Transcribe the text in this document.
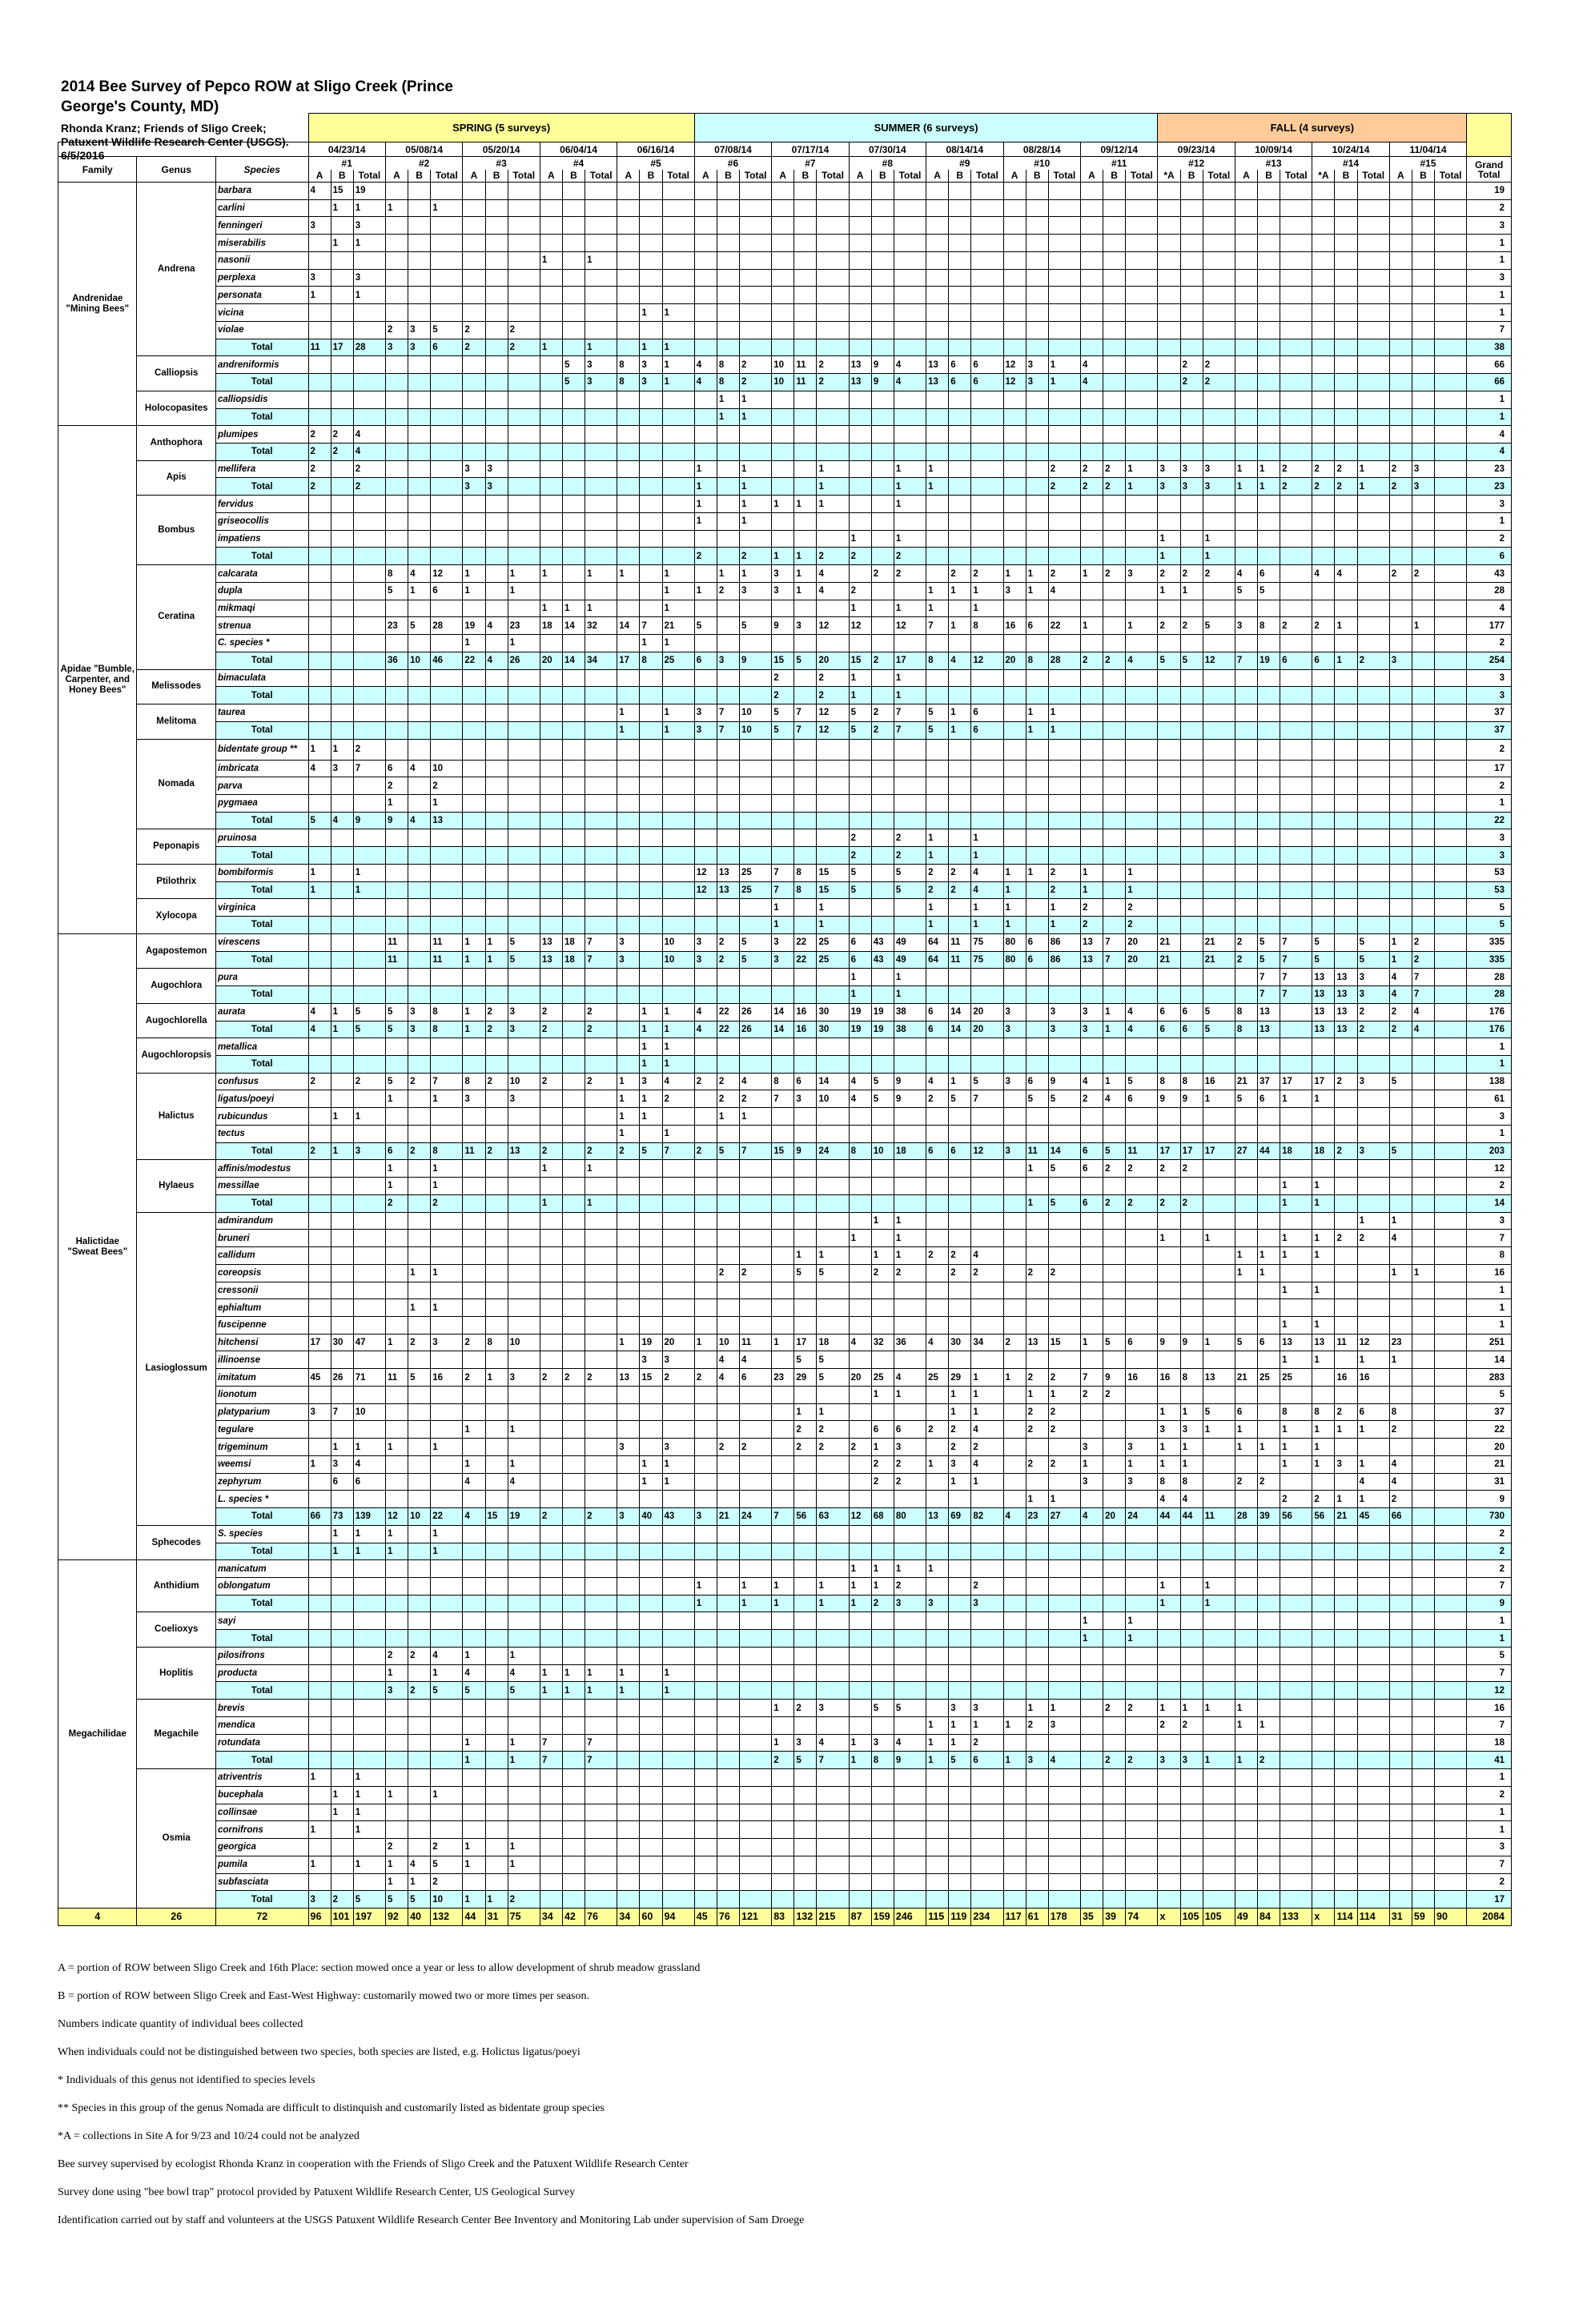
2014 Bee Survey of Pepco ROW at Sligo Creek (Prince George's County, MD)
Rhonda Kranz; Friends of Sligo Creek;
Patuxent Wildlife Research Center (USGS).
6/5/2016
			SPRING (5 surveys)															SUMMER (6 surveys)																		FALL (4 surveys)												
			04/23/14			05/08/14			05/20/14			06/04/14			06/16/14			07/08/14			07/17/14			07/30/14			08/14/14			08/28/14			09/12/14			09/23/14			10/09/14			10/24/14			11/04/14			
Family	Genus	Species	#1			#2			#3			#4			#5			#6			#7			#8			#9			#10			#11			#12			#13			#14			#15			Grand Total
			A	B	Total	A	B	Total	A	B	Total	A	B	Total	A	B	Total	A	B	Total	A	B	Total	A	B	Total	A	B	Total	A	B	Total	A	B	Total	*A	B	Total	A	B	Total	*A	B	Total	A	B	Total	
Andrenidae "Mining Bees"	Andrena	barbara	4	15	19																																											19
		carlini		1	1	1		1																																								2
		fenningeri	3		3																																											3
		miserabilis		1	1																																											1
		nasonii										1		1																																		1
		perplexa	3		3																																											3
		personata	1		1																																											1
		vicina														1	1																															1
		violae				2	3	5	2		2																																					7
		Total	11	17	28	3	3	6	2		2	1		1		1	1																															38
	Calliopsis	andreniformis											5	3	8	3	1	4	8	2	10	11	2	13	9	4	13	6	6	12	3	1	4				2	2										66
		Total											5	3	8	3	1	4	8	2	10	11	2	13	9	4	13	6	6	12	3	1	4				2	2										66
	Holocopasites	calliopsidis																	1	1																												1
		Total																	1	1																												1
Apidae "Bumble, Carpenter, and Honey Bees"	Anthophora	plumipes	2	2	4																																											4
		Total	2	2	4																																											4
	Apis	mellifera	2		2				3	3								1		1			1			1	1					2	2	2	1	3	3	3	1	1	2	2	2	1	2	3		23
		Total	2		2				3	3								1		1			1			1	1					2	2	2	1	3	3	3	1	1	2	2	2	1	2	3		23
	Bombus	fervidus																1		1	1	1	1			1																						3
		griseocollis																1		1																												1
		impatiens																						1		1										1		1										2
		Total																2		2	1	1	2	2		2										1		1										6
	Ceratina	calcarata				8	4	12	1		1	1		1	1		1		1	1	3	1	4		2	2		2	2	1	1	2	1	2	3	2	2	2	4	6		4	4		2	2		43
		dupla				5	1	6	1		1						1	1	2	3	3	1	4	2			1	1	1	3	1	4				1	1		5	5								28
		mikmaqi										1	1	1			1							1		1	1		1																			4
		strenua				23	5	28	19	4	23	18	14	32	14	7	21	5		5	9	3	12	12		12	7	1	8	16	6	22	1		1	2	2	5	3	8	2	2	1			1		177
		C. species *							1		1					1	1																															2
		Total				36	10	46	22	4	26	20	14	34	17	8	25	6	3	9	15	5	20	15	2	17	8	4	12	20	8	28	2	2	4	5	5	12	7	19	6	6	1	2	3			254
	Melissodes	bimaculata																			2		2	1		1																						3
		Total																			2		2	1		1																						3
	Melitoma	taurea													1		1	3	7	10	5	7	12	5	2	7	5	1	6		1	1																37
		Total													1		1	3	7	10	5	7	12	5	2	7	5	1	6		1	1																37
	Nomada	bidentate group **	1	1	2																																											2
		imbricata	4	3	7	6	4	10																																								17
		parva				2		2																																								2
		pygmaea				1		1																																								1
		Total	5	4	9	9	4	13																																								22
	Peponapis	pruinosa																						2		2	1		1																			3
		Total																						2		2	1		1																			3
	Ptilothrix	bombiformis	1		1													12	13	25	7	8	15	5		5	2	2	4	1	1	2	1		1													53
		Total	1		1													12	13	25	7	8	15	5		5	2	2	4	1		2	1		1													53
	Xylocopa	virginica																			1		1				1		1	1		1	2		2													5
		Total																			1		1				1		1	1		1	2		2													5
Halictidae "Sweat Bees"	Agapostemon	virescens				11		11	1	1	5	13	18	7	3		10	3	2	5	3	22	25	6	43	49	64	11	75	80	6	86	13	7	20	21		21	2	5	7	5		5	1	2		335
		Total				11		11	1	1	5	13	18	7	3		10	3	2	5	3	22	25	6	43	49	64	11	75	80	6	86	13	7	20	21		21	2	5	7	5		5	1	2		335
	Augochlora	pura																						1		1														7	7	13	13	3	4	7		28
		Total																						1		1														7	7	13	13	3	4	7		28
	Augochlorella	aurata	4	1	5	5	3	8	1	2	3	2		2		1	1	4	22	26	14	16	30	19	19	38	6	14	20	3		3	3	1	4	6	6	5	8	13		13	13	2	2	4		176
		Total	4	1	5	5	3	8	1	2	3	2		2		1	1	4	22	26	14	16	30	19	19	38	6	14	20	3		3	3	1	4	6	6	5	8	13		13	13	2	2	4		176
	Augochloropsis	metallica														1	1																															1
		Total														1	1																															1
	Halictus	confusus	2		2	5	2	7	8	2	10	2		2	1	3	4	2	2	4	8	6	14	4	5	9	4	1	5	3	6	9	4	1	5	8	8	16	21	37	17	17	2	3	5			138
		ligatus/poeyi				1		1	3		3				1	1	2		2	2	7	3	10	4	5	9	2	5	7		5	5	2	4	6	9	9	1	5	6	1	1						61
		rubicundus		1	1										1	1			1	1																												3
		tectus													1		1																															1
		Total	2	1	3	6	2	8	11	2	13	2		2	2	5	7	2	5	7	15	9	24	8	10	18	6	6	12	3	11	14	6	5	11	17	17	17	27	44	18	18	2	3	5			203
	Hylaeus	affinis/modestus				1		1				1		1																	1	5	6	2	2	2	2											12
		messillae				1		1																																	1	1						2
		Total				2		2				1		1																	1	5	6	2	2	2	2				1	1						14
	Lasioglossum	admirandum																							1	1																		1	1			3
		bruneri																						1		1										1		1			1	1	2	2	4			7
		callidum																				1	1		1	1	2	2	4										1	1	1	1						8
		coreopsis					1	1											2	2		5	5		2	2		2	2		2	2							1	1					1	1		16
		cressonii																																							1	1						1
		ephialtum					1	1																																								1
		fuscipenne																																							1	1						1
		hitchensi	17	30	47	1	2	3	2	8	10				1	19	20	1	10	11	1	17	18	4	32	36	4	30	34	2	13	15	1	5	6	9	9	1	5	6	13	13	11	12	23			251
		illinoense														3	3		4	4		5	5																		1	1		1	1			14
		imitatum	45	26	71	11	5	16	2	1	3	2	2	2	13	15	2	2	4	6	23	29	5	20	25	4	25	29	1	1	2	2	7	9	16	16	8	13	21	25	25		16	16				283
		lionotum																							1	1		1	1		1	1	2	2														5
		platyparium	3	7	10																	1	1					1	1		2	2				1	1	5	6		8	8	2	6	8			37
		tegulare							1		1											2	2		6	6	2	2	4		2	2				3	3	1	1		1	1	1	1	2			22
		trigeminum		1	1	1		1							3		3		2	2		2	2	2	1	3		2	2				3		3	1	1		1	1	1	1						20
		weemsi	1	3	4				1		1					1	1								2	2	1	3	4		2	2	1		1	1	1				1	1	3	1	4			21
		zephyrum		6	6				4		4					1	1								2	2		1	1				3		3	8	8		2	2				4	4			31
		L. species *																													1	1				4	4				2	2	1	1	2			9
		Total	66	73	139	12	10	22	4	15	19	2		2	3	40	43	3	21	24	7	56	63	12	68	80	13	69	82	4	23	27	4	20	24	44	44	11	28	39	56	56	21	45	66			730
	Sphecodes	S. species		1	1	1		1																																								2
		Total		1	1	1		1																																								2
Megachilidae	Anthidium	manicatum																						1	1	1	1																					2
		oblongatum																1		1	1		1	1	1	2			2							1		1										7
		Total																1		1	1		1	1	2	3	3		3							1		1										9
	Coelioxys	sayi																															1		1													1
		Total																															1		1													1
	Hoplitis	pilosifrons				2	2	4	1		1																																					5
		producta				1		1	4		4	1	1	1	1		1																															7
		Total				3	2	5	5		5	1	1	1	1		1																															12
	Megachile	brevis																			1	2	3		5	5		3	3		1	1		2	2	1	1	1	1									16
		mendica																									1	1	1	1	2	3				2	2		1	1								7
		rotundata							1		1	7		7							1	3	4	1	3	4	1	1	2																			18
		Total							1		1	7		7							2	5	7	1	8	9	1	5	6	1	3	4		2	2	3	3	1	1	2								41
	Osmia	atriventris	1		1																																											1
		bucephala		1	1	1		1																																								2
		collinsae		1	1																																											1
		cornifrons	1		1																																											1
		georgica				2		2	1		1																																					3
		pumila	1		1	1	4	5	1		1																																					7
		subfasciata				1	1	2																																								2
		Total	3	2	5	5	5	10	1	1	2																																					17
4	26	72	96	101	197	92	40	132	44	31	75	34	42	76	34	60	94	45	76	121	83	132	215	87	159	246	115	119	234	117	61	178	35	39	74	x	105	105	49	84	133	x	114	114	31	59	90	2084

A = portion of ROW between Sligo Creek and 16th Place: section mowed once a year or less to allow development of shrub meadow grassland

B = portion of ROW between Sligo Creek and East-West Highway: customarily mowed two or more times per season.

Numbers indicate quantity of individual bees collected

When individuals could not be distinguished between two species, both species are listed, e.g. Holictus ligatus/poeyi

* Individuals of this genus not identified to species levels

** Species in this group of the genus Nomada are difficult to distinquish and customarily listed as bidentate group species

*A = collections in Site A for 9/23 and 10/24 could not be analyzed

Bee survey supervised by ecologist Rhonda Kranz in cooperation with the Friends of Sligo Creek and the Patuxent Wildlife Research Center

Survey done using "bee bowl trap" protocol provided by Patuxent Wildlife Research Center, US Geological Survey

Identification carried out by staff and volunteers at the USGS Patuxent Wildlife Research Center Bee Inventory and Monitoring Lab under supervision of Sam Droege
